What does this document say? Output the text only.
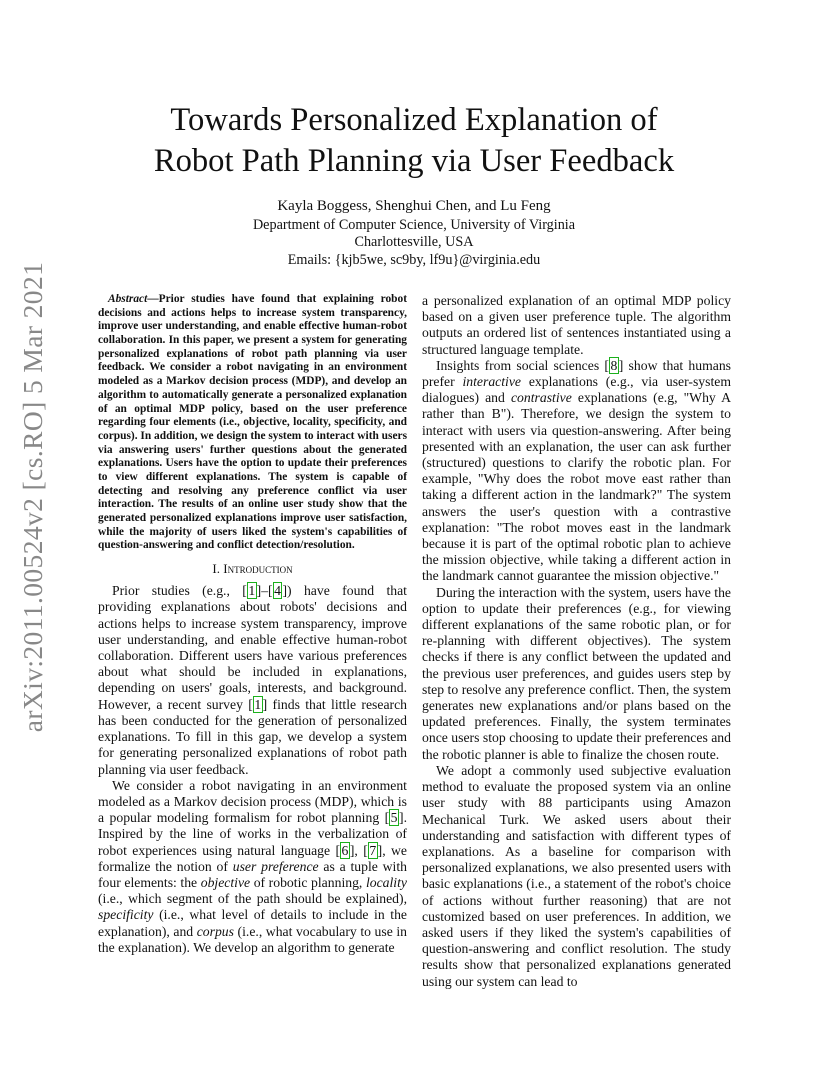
arXiv:2011.00524v2 [cs.RO] 5 Mar 2021
Towards Personalized Explanation of
Robot Path Planning via User Feedback
Kayla Boggess, Shenghui Chen, and Lu Feng
Department of Computer Science, University of Virginia
Charlottesville, USA
Emails: {kjb5we, sc9by, lf9u}@virginia.edu

Abstract—Prior studies have found that explaining robot decisions and actions helps to increase system transparency, improve user understanding, and enable effective human-robot collaboration. In this paper, we present a system for generating personalized explanations of robot path planning via user feedback. We consider a robot navigating in an environment modeled as a Markov decision process (MDP), and develop an algorithm to automatically generate a personalized explanation of an optimal MDP policy, based on the user preference regarding four elements (i.e., objective, locality, specificity, and corpus). In addition, we design the system to interact with users via answering users' further questions about the generated explanations. Users have the option to update their preferences to view different explanations. The system is capable of detecting and resolving any preference conflict via user interaction. The results of an online user study show that the generated personalized explanations improve user satisfaction, while the majority of users liked the system's capabilities of question-answering and conflict detection/resolution.

I. Introduction

Prior studies (e.g., [ 1 ]–[ 4 ]) have found that providing explanations about robots' decisions and actions helps to increase system transparency, improve user understanding, and enable effective human-robot collaboration. Different users have various preferences about what should be included in explanations, depending on users' goals, interests, and background. However, a recent survey [ 1 ] finds that little research has been conducted for the generation of personalized explanations. To fill in this gap, we develop a system for generating personalized explanations of robot path planning via user feedback.

We consider a robot navigating in an environment modeled as a Markov decision process (MDP), which is a popular modeling formalism for robot planning [ 5 ]. Inspired by the line of works in the verbalization of robot experiences using natural language [ 6 ], [ 7 ], we formalize the notion of user preference as a tuple with four elements: the objective of robotic planning, locality (i.e., which segment of the path should be explained), specificity (i.e., what level of details to include in the explanation), and corpus (i.e., what vocabulary to use in the explanation). We develop an algorithm to generate

a personalized explanation of an optimal MDP policy based on a given user preference tuple. The algorithm outputs an ordered list of sentences instantiated using a structured language template.

Insights from social sciences [ 8 ] show that humans prefer interactive explanations (e.g., via user-system dialogues) and contrastive explanations (e.g, "Why A rather than B"). Therefore, we design the system to interact with users via question-answering. After being presented with an explanation, the user can ask further (structured) questions to clarify the robotic plan. For example, "Why does the robot move east rather than taking a different action in the landmark?" The system answers the user's question with a contrastive explanation: "The robot moves east in the landmark because it is part of the optimal robotic plan to achieve the mission objective, while taking a different action in the landmark cannot guarantee the mission objective."

During the interaction with the system, users have the option to update their preferences (e.g., for viewing different explanations of the same robotic plan, or for re-planning with different objectives). The system checks if there is any conflict between the updated and the previous user preferences, and guides users step by step to resolve any preference conflict. Then, the system generates new explanations and/or plans based on the updated preferences. Finally, the system terminates once users stop choosing to update their preferences and the robotic planner is able to finalize the chosen route.

We adopt a commonly used subjective evaluation method to evaluate the proposed system via an online user study with 88 participants using Amazon Mechanical Turk. We asked users about their understanding and satisfaction with different types of explanations. As a baseline for comparison with personalized explanations, we also presented users with basic explanations (i.e., a statement of the robot's choice of actions without further reasoning) that are not customized based on user preferences. In addition, we asked users if they liked the system's capabilities of question-answering and conflict resolution. The study results show that personalized explanations generated using our system can lead to
